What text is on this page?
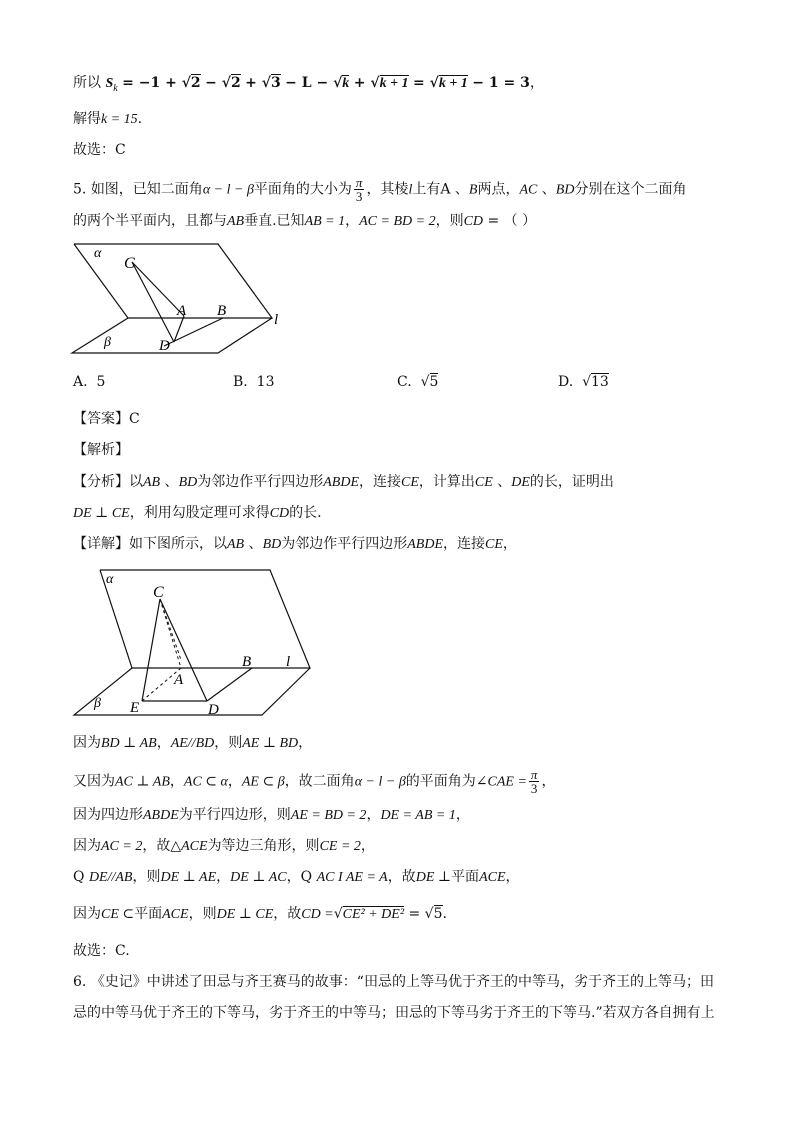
所以 $S_k = -1 + √2 - √2 + √3 - L - √k + √k + 1 = √k + 1 - 1 = 3$，
解得k = 15.
故选：C
5. 如图，已知二面角α − l − β平面角的大小为 $\frac{\pi}{3}$ ，其棱l上有A 、B两点，AC 、BD分别在这个二面角
的两个半平面内，且都与AB垂直.已知AB = 1，AC = BD = 2，则CD = （ ）
α
C
A B
l
β	D
A. 5	B. 13	C.  √5	D.  √13
【答案】C
【解析】
【分析】以AB 、BD为邻边作平行四边形ABDE，连接CE，计算出CE 、DE的长，证明出
DE ⊥ CE，利用勾股定理可求得CD的长.
【详解】如下图所示，以AB 、BD为邻边作平行四边形ABDE，连接CE，
α
C
A
B l
β E	D
因为BD ⊥ AB，AE//BD，则AE ⊥ BD，
又因为AC ⊥ AB，AC ⊂ α，AE ⊂ β，故二面角α − l − β的平面角为∠CAE = $\frac{\pi}{3}$ ，
因为四边形ABDE为平行四边形，则AE = BD = 2，DE = AB = 1，
因为AC = 2，故△ACE为等边三角形，则CE = 2，
Q DE//AB，则DE ⊥ AE，DE ⊥ AC，Q AC I AE = A，故DE ⊥平面ACE，
因为CE ⊂平面ACE，则DE ⊥ CE，故CD =√CE² + DE² = √5.
故选：C.
6. 《史记》中讲述了田忌与齐王赛马的故事：“田忌的上等马优于齐王的中等马，劣于齐王的上等马；田
忌的中等马优于齐王的下等马，劣于齐王的中等马；田忌的下等马劣于齐王的下等马.”若双方各自拥有上
